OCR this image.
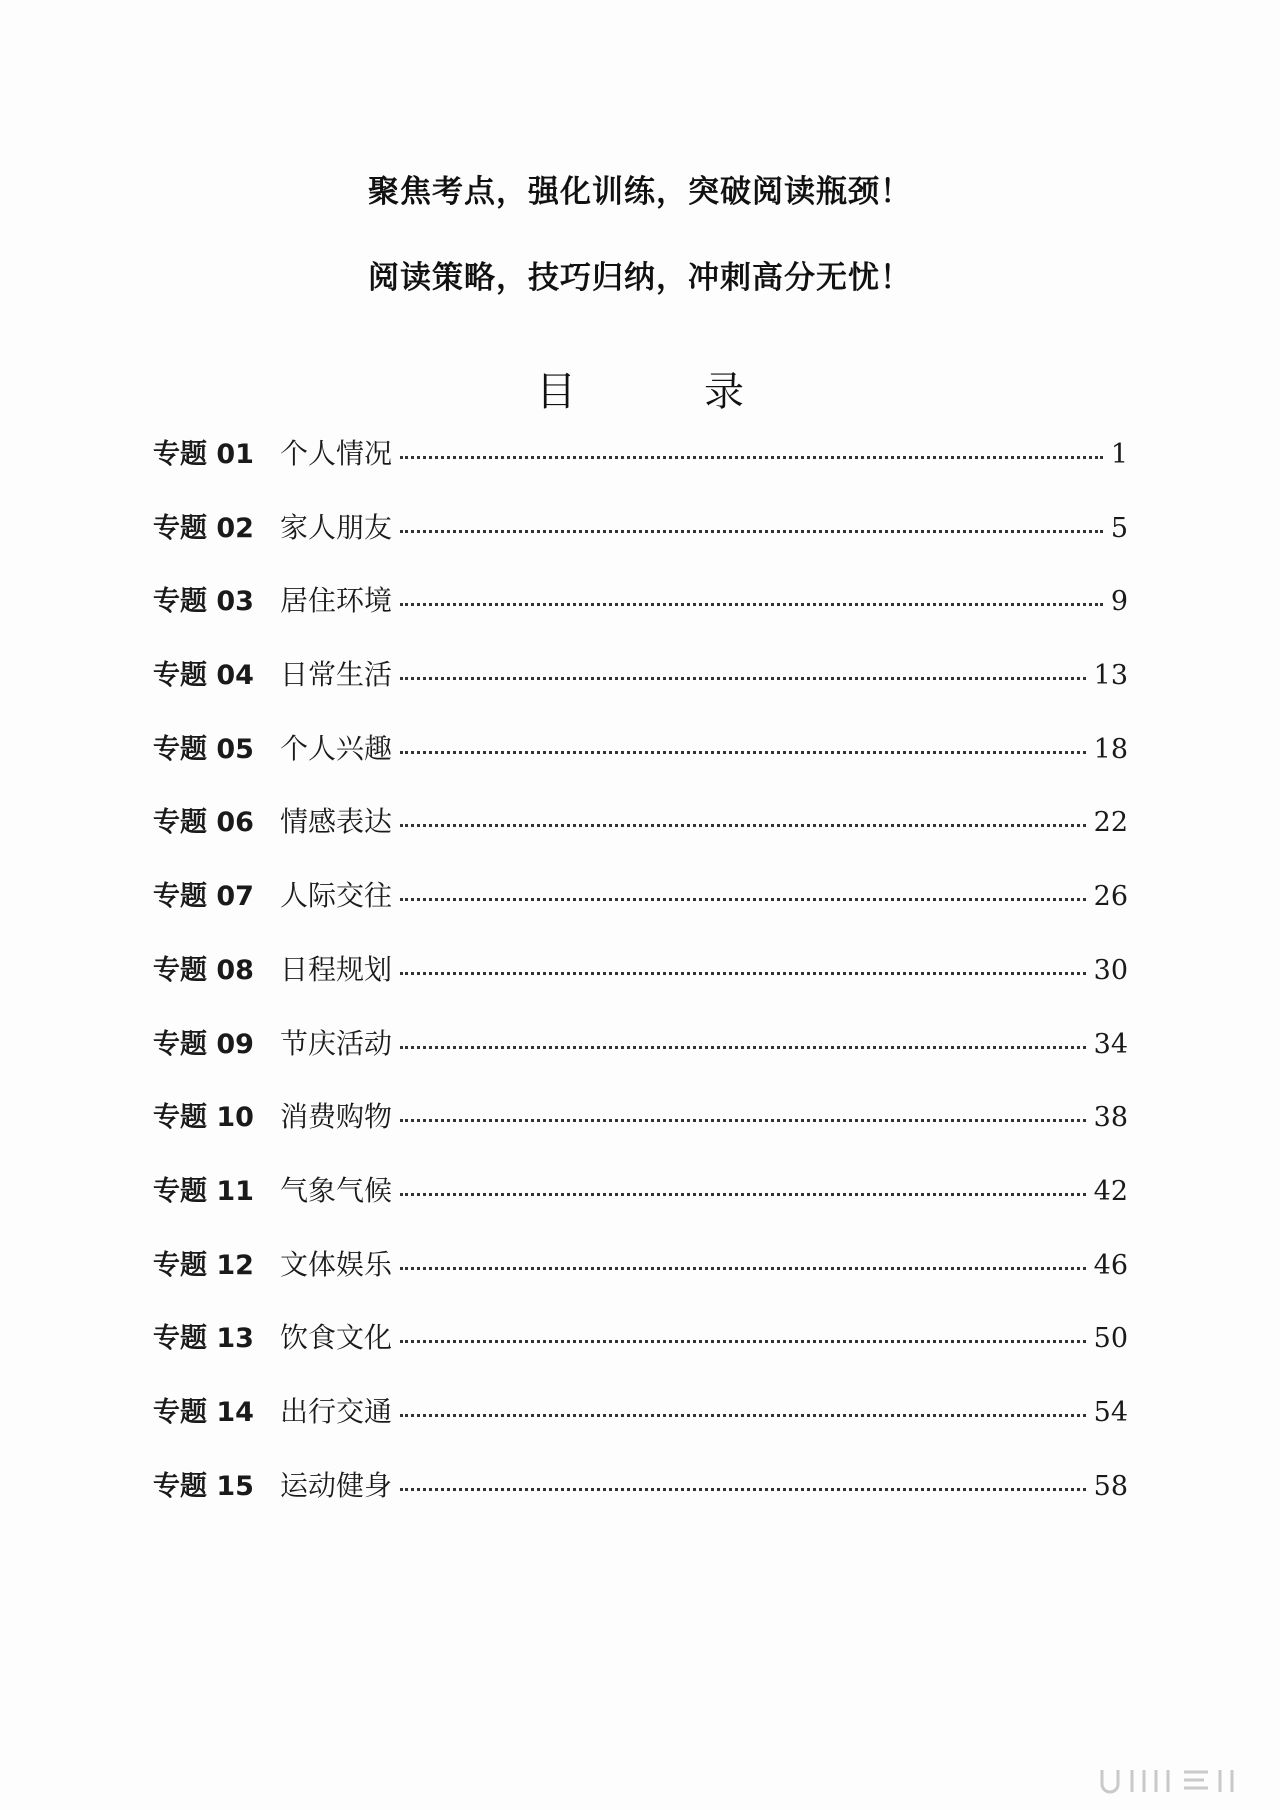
聚焦考点，强化训练，突破阅读瓶颈！
阅读策略，技巧归纳，冲刺高分无忧！
目　录
专题 01 个人情况	1
专题 02 家人朋友	5
专题 03 居住环境	9
专题 04 日常生活	13
专题 05 个人兴趣	18
专题 06 情感表达	22
专题 07 人际交往	26
专题 08 日程规划	30
专题 09 节庆活动	34
专题 10 消费购物	38
专题 11 气象气候	42
专题 12 文体娱乐	46
专题 13 饮食文化	50
专题 14 出行交通	54
专题 15 运动健身	58
